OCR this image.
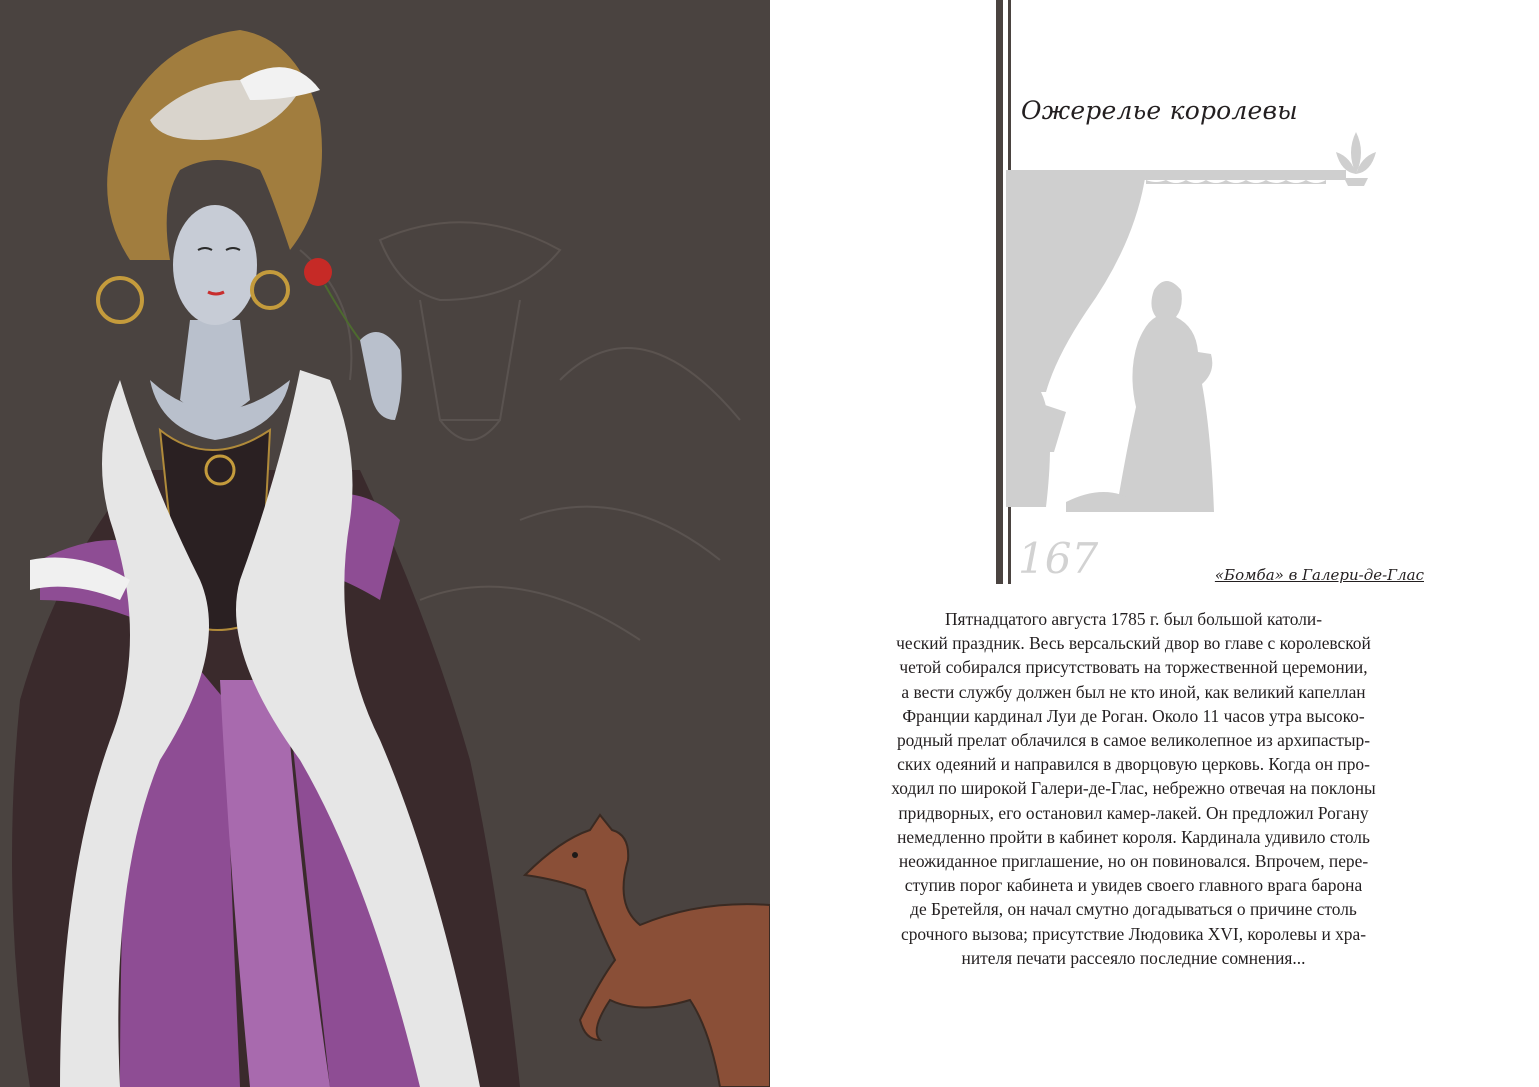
Ожерелье королевы
167	«Бомба» в Галери-де-Глас

Пятнадцатого августа 1785 г. был большой католи-
ческий праздник. Весь версальский двор во главе с королевской
четой собирался присутствовать на торжественной церемонии,
а вести службу должен был не кто иной, как великий капеллан
Франции кардинал Луи де Роган. Около 11 часов утра высоко-
родный прелат облачился в самое великолепное из архипастыр-
ских одеяний и направился в дворцовую церковь. Когда он про-
ходил по широкой Галери-де-Глас, небрежно отвечая на поклоны
придворных, его остановил камер-лакей. Он предложил Рогану
немедленно пройти в кабинет короля. Кардинала удивило столь
неожиданное приглашение, но он повиновался. Впрочем, пере-
ступив порог кабинета и увидев своего главного врага барона
де Бретейля, он начал смутно догадываться о причине столь
срочного вызова; присутствие Людовика XVI, королевы и хра-
нителя печати рассеяло последние сомнения...
